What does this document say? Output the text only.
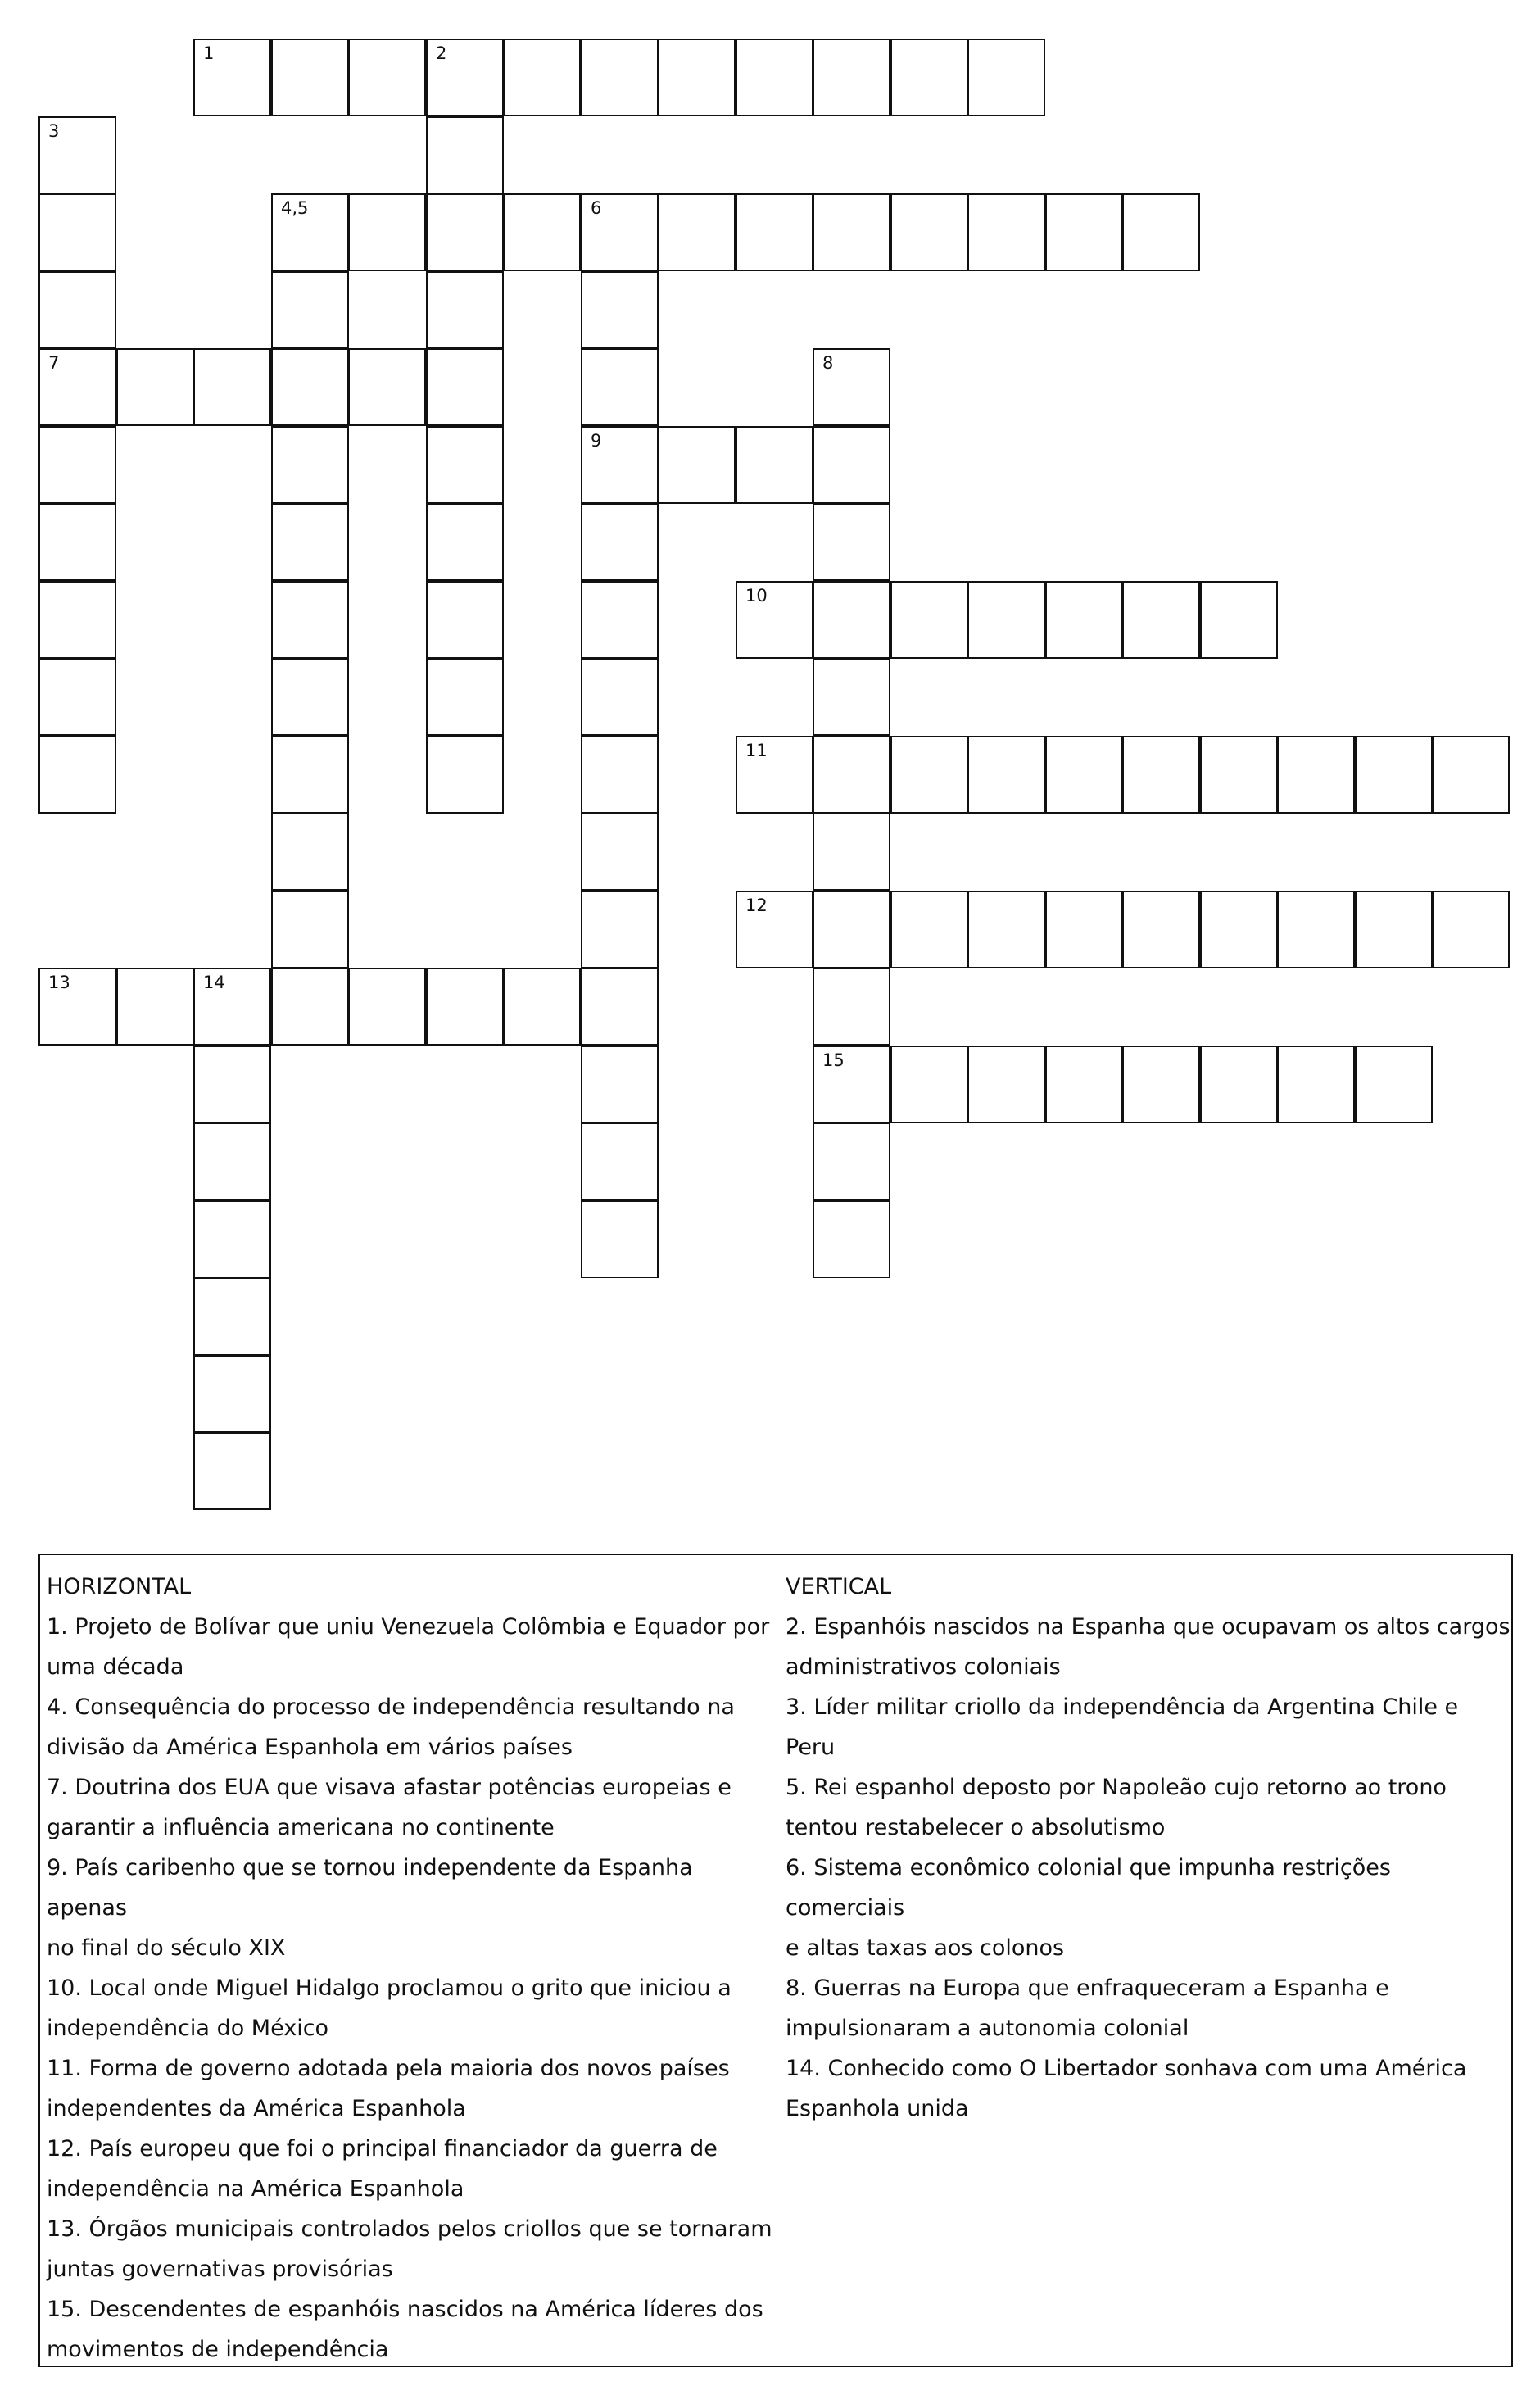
1	2
3
4,5	6
7	8
9
10
11
12
13	14
15

HORIZONTAL

1. Projeto de Bolívar que uniu Venezuela Colômbia e Equador por

uma década

4. Consequência do processo de independência resultando na

divisão da América Espanhola em vários países

7. Doutrina dos EUA que visava afastar potências europeias e

garantir a influência americana no continente

9. País caribenho que se tornou independente da Espanha apenas

no final do século XIX

10. Local onde Miguel Hidalgo proclamou o grito que iniciou a

independência do México

11. Forma de governo adotada pela maioria dos novos países

independentes da América Espanhola

12. País europeu que foi o principal financiador da guerra de

independência na América Espanhola

13. Órgãos municipais controlados pelos criollos que se tornaram

juntas governativas provisórias

15. Descendentes de espanhóis nascidos na América líderes dos

movimentos de independência

VERTICAL

2. Espanhóis nascidos na Espanha que ocupavam os altos cargos

administrativos coloniais

3. Líder militar criollo da independência da Argentina Chile e

Peru

5. Rei espanhol deposto por Napoleão cujo retorno ao trono

tentou restabelecer o absolutismo

6. Sistema econômico colonial que impunha restrições comerciais

e altas taxas aos colonos

8. Guerras na Europa que enfraqueceram a Espanha e

impulsionaram a autonomia colonial

14. Conhecido como O Libertador sonhava com uma América

Espanhola unida
